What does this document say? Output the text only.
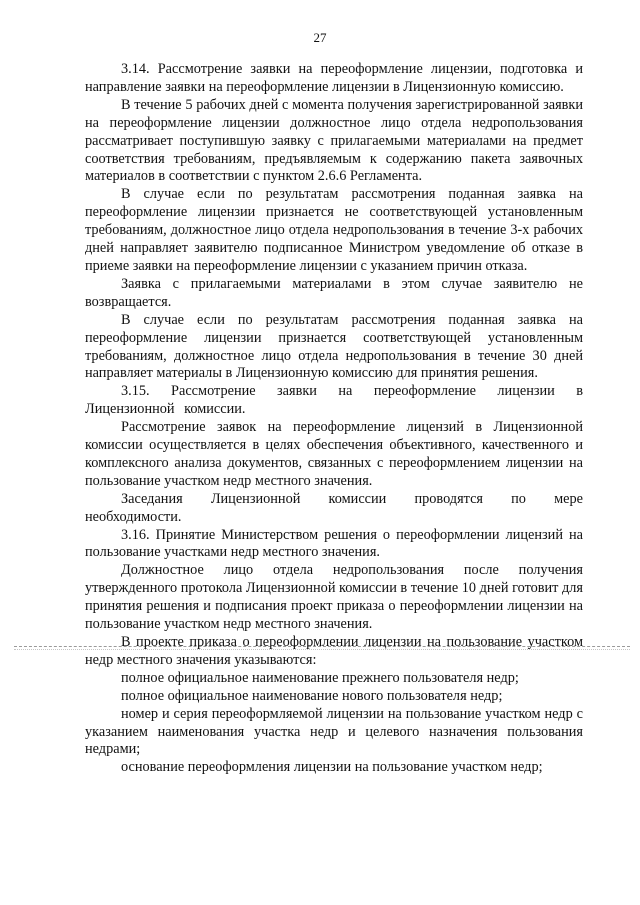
27

3.14. Рассмотрение заявки на переоформление лицензии, подготовка и направление заявки на переоформление лицензии в Лицензионную комиссию.

В течение 5 рабочих дней с момента получения зарегистрированной заявки на переоформление лицензии должностное лицо отдела недропользования рассматривает поступившую заявку с прилагаемыми материалами на предмет соответствия требованиям, предъявляемым к содержанию пакета заявочных материалов в соответствии с пунктом 2.6.6 Регламента.

В случае если по результатам рассмотрения поданная заявка на переоформление лицензии признается не соответствующей установленным требованиям, должностное лицо отдела недропользования в течение 3-х рабочих дней направляет заявителю подписанное Министром уведомление об отказе в приеме заявки на переоформление лицензии с указанием причин отказа.

Заявка с прилагаемыми материалами в этом случае заявителю не возвращается.

В случае если по результатам рассмотрения поданная заявка на переоформление лицензии признается соответствующей установленным требованиям, должностное лицо отдела недропользования в течение 30 дней направляет материалы в Лицензионную комиссию для принятия решения.

3.15. Рассмотрение заявки на переоформление лицензии в Лицензионной комиссии.

Рассмотрение заявок на переоформление лицензий в Лицензионной комиссии осуществляется в целях обеспечения объективного, качественного и комплексного анализа документов, связанных с переоформлением лицензии на пользование участком недр местного значения.

Заседания Лицензионной комиссии проводятся по мере необходимости.

3.16. Принятие Министерством решения о переоформлении лицензий на пользование участками недр местного значения.

Должностное лицо отдела недропользования после получения утвержденного протокола Лицензионной комиссии в течение 10 дней готовит для принятия решения и подписания проект приказа о переоформлении лицензии на пользование участком недр местного значения.

В проекте приказа о переоформлении лицензии на пользование участком недр местного значения указываются:

полное официальное наименование прежнего пользователя недр;

полное официальное наименование нового пользователя недр;

номер и серия переоформляемой лицензии на пользование участком недр с указанием наименования участка недр и целевого назначения пользования недрами;

основание переоформления лицензии на пользование участком недр;
